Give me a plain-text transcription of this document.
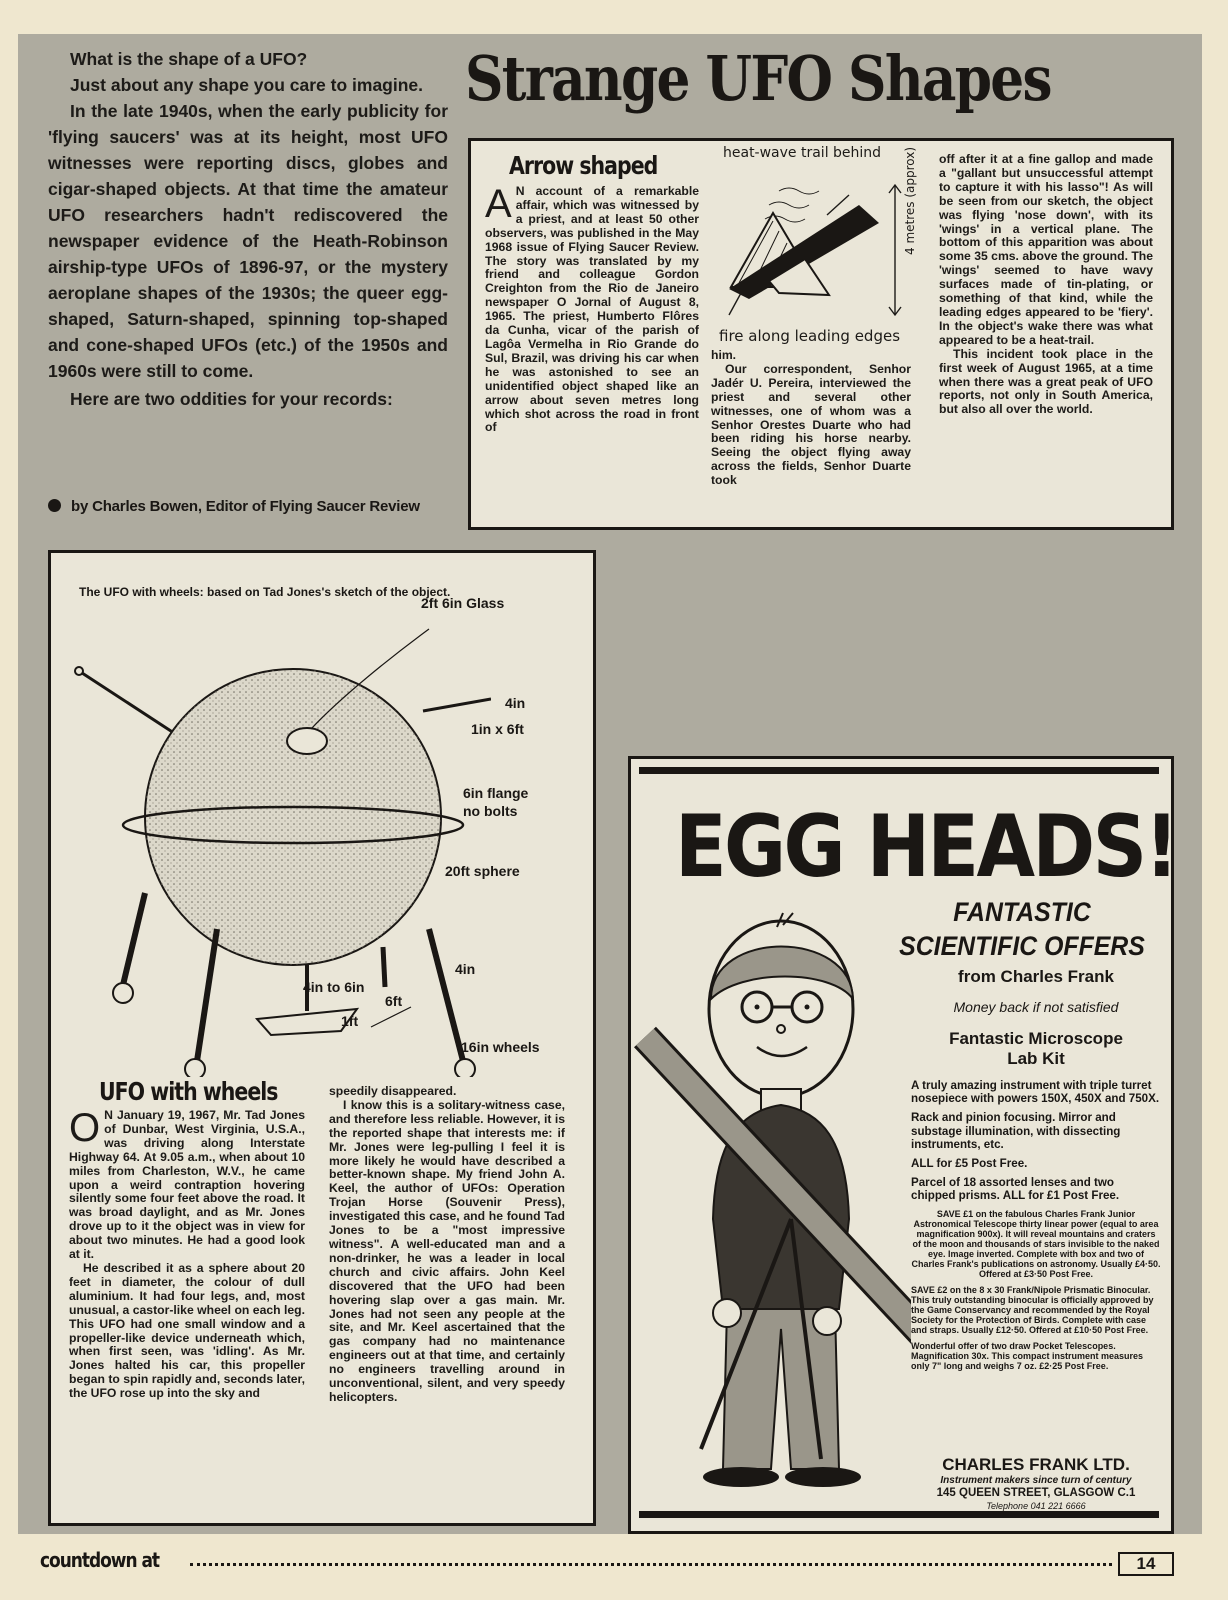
What is the shape of a UFO?

Just about any shape you care to imagine.

In the late 1940s, when the early publicity for 'flying saucers' was at its height, most UFO witnesses were reporting discs, globes and cigar-shaped objects. At that time the amateur UFO researchers hadn't rediscovered the newspaper evidence of the Heath-Robinson airship-type UFOs of 1896-97, or the mystery aeroplane shapes of the 1930s; the queer egg-shaped, Saturn-shaped, spinning top-shaped and cone-shaped UFOs (etc.) of the 1950s and 1960s were still to come.

Here are two oddities for your records:

by Charles Bowen, Editor of Flying Saucer Review
Strange UFO Shapes
Arrow shaped
A N account of a remarkable affair, which was witnessed by a priest, and at least 50 other observers, was published in the May 1968 issue of Flying Saucer Review. The story was translated by my friend and colleague Gordon Creighton from the Rio de Janeiro newspaper O Jornal of August 8, 1965. The priest, Humberto Flôres da Cunha, vicar of the parish of Lagôa Vermelha in Rio Grande do Sul, Brazil, was driving his car when he was astonished to see an unidentified object shaped like an arrow about seven metres long which shot across the road in front of
heat-wave trail behind 4 metres (approx)
fire along leading edges

him.

Our correspondent, Senhor Jadér U. Pereira, interviewed the priest and several other witnesses, one of whom was a Senhor Orestes Duarte who had been riding his horse nearby. Seeing the object flying away across the fields, Senhor Duarte took

off after it at a fine gallop and made a "gallant but unsuccessful attempt to capture it with his lasso"! As will be seen from our sketch, the object was flying 'nose down', with its 'wings' in a vertical plane. The bottom of this apparition was about some 35 cms. above the ground. The 'wings' seemed to have wavy surfaces made of tin-plating, or something of that kind, while the leading edges appeared to be 'fiery'. In the object's wake there was what appeared to be a heat-trail.

This incident took place in the first week of August 1965, at a time when there was a great peak of UFO reports, not only in South America, but also all over the world.

The UFO with wheels: based on Tad Jones's sketch of the object.
2ft 6in Glass
4in
1in x 6ft
6in flange
no bolts
20ft sphere
4in
4in to 6in
6ft
1ft
16in wheels
UFO with wheels

O N January 19, 1967, Mr. Tad Jones of Dunbar, West Virginia, U.S.A., was driving along Interstate Highway 64. At 9.05 a.m., when about 10 miles from Charleston, W.V., he came upon a weird contraption hovering silently some four feet above the road. It was broad daylight, and as Mr. Jones drove up to it the object was in view for about two minutes. He had a good look at it.

He described it as a sphere about 20 feet in diameter, the colour of dull aluminium. It had four legs, and, most unusual, a castor-like wheel on each leg. This UFO had one small window and a propeller-like device underneath which, when first seen, was 'idling'. As Mr. Jones halted his car, this propeller began to spin rapidly and, seconds later, the UFO rose up into the sky and

speedily disappeared.

I know this is a solitary-witness case, and therefore less reliable. However, it is the reported shape that interests me: if Mr. Jones were leg-pulling I feel it is more likely he would have described a better-known shape. My friend John A. Keel, the author of UFOs: Operation Trojan Horse (Souvenir Press), investigated this case, and he found Tad Jones to be a "most impressive witness". A well-educated man and a non-drinker, he was a leader in local church and civic affairs. John Keel discovered that the UFO had been hovering slap over a gas main. Mr. Jones had not seen any people at the site, and Mr. Keel ascertained that the gas company had no maintenance engineers out at that time, and certainly no engineers travelling around in unconventional, silent, and very speedy helicopters.

EGG HEADS!
FANTASTIC
SCIENTIFIC OFFERS
from Charles Frank
Money back if not satisfied
Fantastic Microscope
Lab Kit

A truly amazing instrument with triple turret nosepiece with powers 150X, 450X and 750X.

Rack and pinion focusing. Mirror and substage illumination, with dissecting instruments, etc.

ALL for £5 Post Free.

Parcel of 18 assorted lenses and two chipped prisms. ALL for £1 Post Free.

SAVE £1 on the fabulous Charles Frank Junior Astronomical Telescope thirty linear power (equal to area magnification 900x). It will reveal mountains and craters of the moon and thousands of stars invisible to the naked eye. Image inverted. Complete with box and two of Charles Frank's publications on astronomy. Usually £4·50. Offered at £3·50 Post Free.

SAVE £2 on the 8 x 30 Frank/Nipole Prismatic Binocular. This truly outstanding binocular is officially approved by the Game Conservancy and recommended by the Royal Society for the Protection of Birds. Complete with case and straps. Usually £12·50. Offered at £10·50 Post Free.

Wonderful offer of two draw Pocket Telescopes. Magnification 30x. This compact instrument measures only 7" long and weighs 7 oz. £2·25 Post Free.

CHARLES FRANK LTD.
Instrument makers since turn of century
145 QUEEN STREET, GLASGOW C.1
Telephone 041 221 6666
countdown at	14
